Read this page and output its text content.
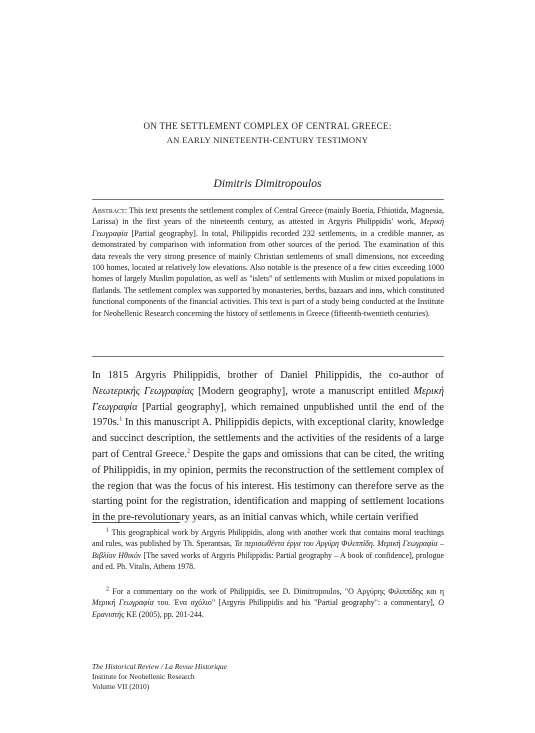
ON THE SETTLEMENT COMPLEX OF CENTRAL GREECE:
AN EARLY NINETEENTH-CENTURY TESTIMONY
Dimitris Dimitropoulos
Abstract: This text presents the settlement complex of Central Greece (mainly Boetia, Fthiotida, Magnesia, Larissa) in the first years of the nineteenth century, as attested in Argyris Philippidis' work, Μερική Γεωγραφία [Partial geography]. In total, Philippidis recorded 232 settlements, in a credible manner, as demonstrated by comparison with information from other sources of the period. The examination of this data reveals the very strong presence of mainly Christian settlements of small dimensions, not exceeding 100 homes, located at relatively low elevations. Also notable is the presence of a few cities exceeding 1000 homes of largely Muslim population, as well as "islets" of settlements with Muslim or mixed populations in flatlands. The settlement complex was supported by monasteries, berths, bazaars and inns, which constituted functional components of the financial activities. This text is part of a study being conducted at the Institute for Neohellenic Research concerning the history of settlements in Greece (fifteenth-twentieth centuries).
In 1815 Argyris Philippidis, brother of Daniel Philippidis, the co-author of Νεωτερικής Γεωγραφίας [Modern geography], wrote a manuscript entitled Μερική Γεωγραφία [Partial geography], which remained unpublished until the end of the 1970s.$^1$ In this manuscript A. Philippidis depicts, with exceptional clarity, knowledge and succinct description, the settlements and the activities of the residents of a large part of Central Greece.$^2$ Despite the gaps and omissions that can be cited, the writing of Philippidis, in my opinion, permits the reconstruction of the settlement complex of the region that was the focus of his interest. His testimony can therefore serve as the starting point for the registration, identification and mapping of settlement locations in the pre-revolutionary years, as an initial canvas which, while certain verified
$^1$ This geographical work by Argyris Philippidis, along with another work that contains moral teachings and rules, was published by Th. Sperantsas, Τα περισωθέντα έργα του Αργύρη Φιλιππίδη. Μερική Γεωγραφία – Βιβλίον Ηθικόν [The saved works of Argyris Philippidis: Partial geography – A book of confidence], prologue and ed. Ph. Vitalis, Athens 1978.
$^2$ For a commentary on the work of Philippidis, see D. Dimitropoulos, "Ο Αργύρης Φιλιππίδης και η Μερική Γεωγραφία του. Ένα σχόλιο" [Argyris Philippidis and his "Partial geography": a commentary], Ο Ερανιστής ΚΕ (2005), pp. 201-244.
The Historical Review / La Revue Historique
Institute for Neohellenic Research
Volume VII (2010)
